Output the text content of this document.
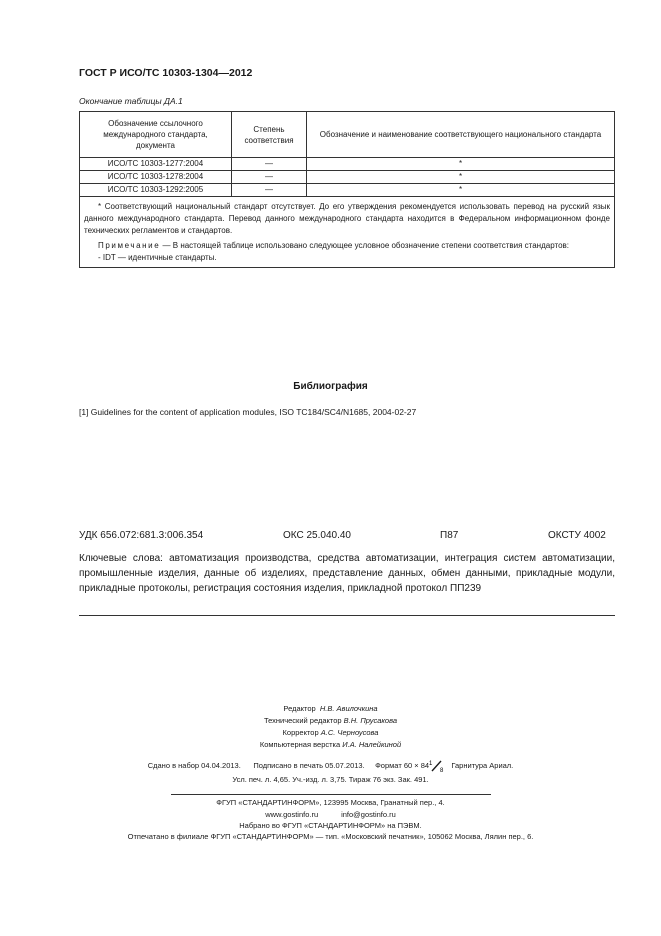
ГОСТ Р ИСО/ТС 10303-1304—2012
Окончание таблицы ДА.1
Обозначение ссылочного международного стандарта, документа	Степень соответствия	Обозначение и наименование соответствующего национального стандарта
ИСО/ТС 10303-1277:2004	—	*
ИСО/ТС 10303-1278:2004	—	*
ИСО/ТС 10303-1292:2005	—	*

* Соответствующий национальный стандарт отсутствует. До его утверждения рекомендуется использовать перевод на русский язык данного международного стандарта. Перевод данного международного стандарта находится в Федеральном информационном фонде технических регламентов и стандартов.

Примечание — В настоящей таблице использовано следующее условное обозначение степени соответствия стандартов:

- IDT — идентичные стандарты.		

Библиография
[1] Guidelines for the content of application modules, ISO TC184/SC4/N1685, 2004-02-27
УДК 656.072:681.3:006.354	ОКС 25.040.40	П87	ОКСТУ 4002
Ключевые слова: автоматизация производства, средства автоматизации, интеграция систем автоматизации, промышленные изделия, данные об изделиях, представление данных, обмен данными, прикладные модули, прикладные протоколы, регистрация состояния изделия, прикладной протокол ПП239
Редактор Н.В. Авилочкина
Технический редактор В.Н. Прусакова
Корректор А.С. Черноусова
Компьютерная верстка И.А. Налейкиной
Сдано в набор 04.04.2013. Подписано в печать 05.07.2013. Формат 60 × 84 1
8
Гарнитура Ариал.
Усл. печ. л. 4,65. Уч.-изд. л. 3,75. Тираж 76 экз. Зак. 491.
ФГУП «СТАНДАРТИНФОРМ», 123995 Москва, Гранатный пер., 4.
www.gostinfo.ru	info@gostinfo.ru
Набрано во ФГУП «СТАНДАРТИНФОРМ» на ПЭВМ.
Отпечатано в филиале ФГУП «СТАНДАРТИНФОРМ» — тип. «Московский печатник», 105062 Москва, Лялин пер., 6.
